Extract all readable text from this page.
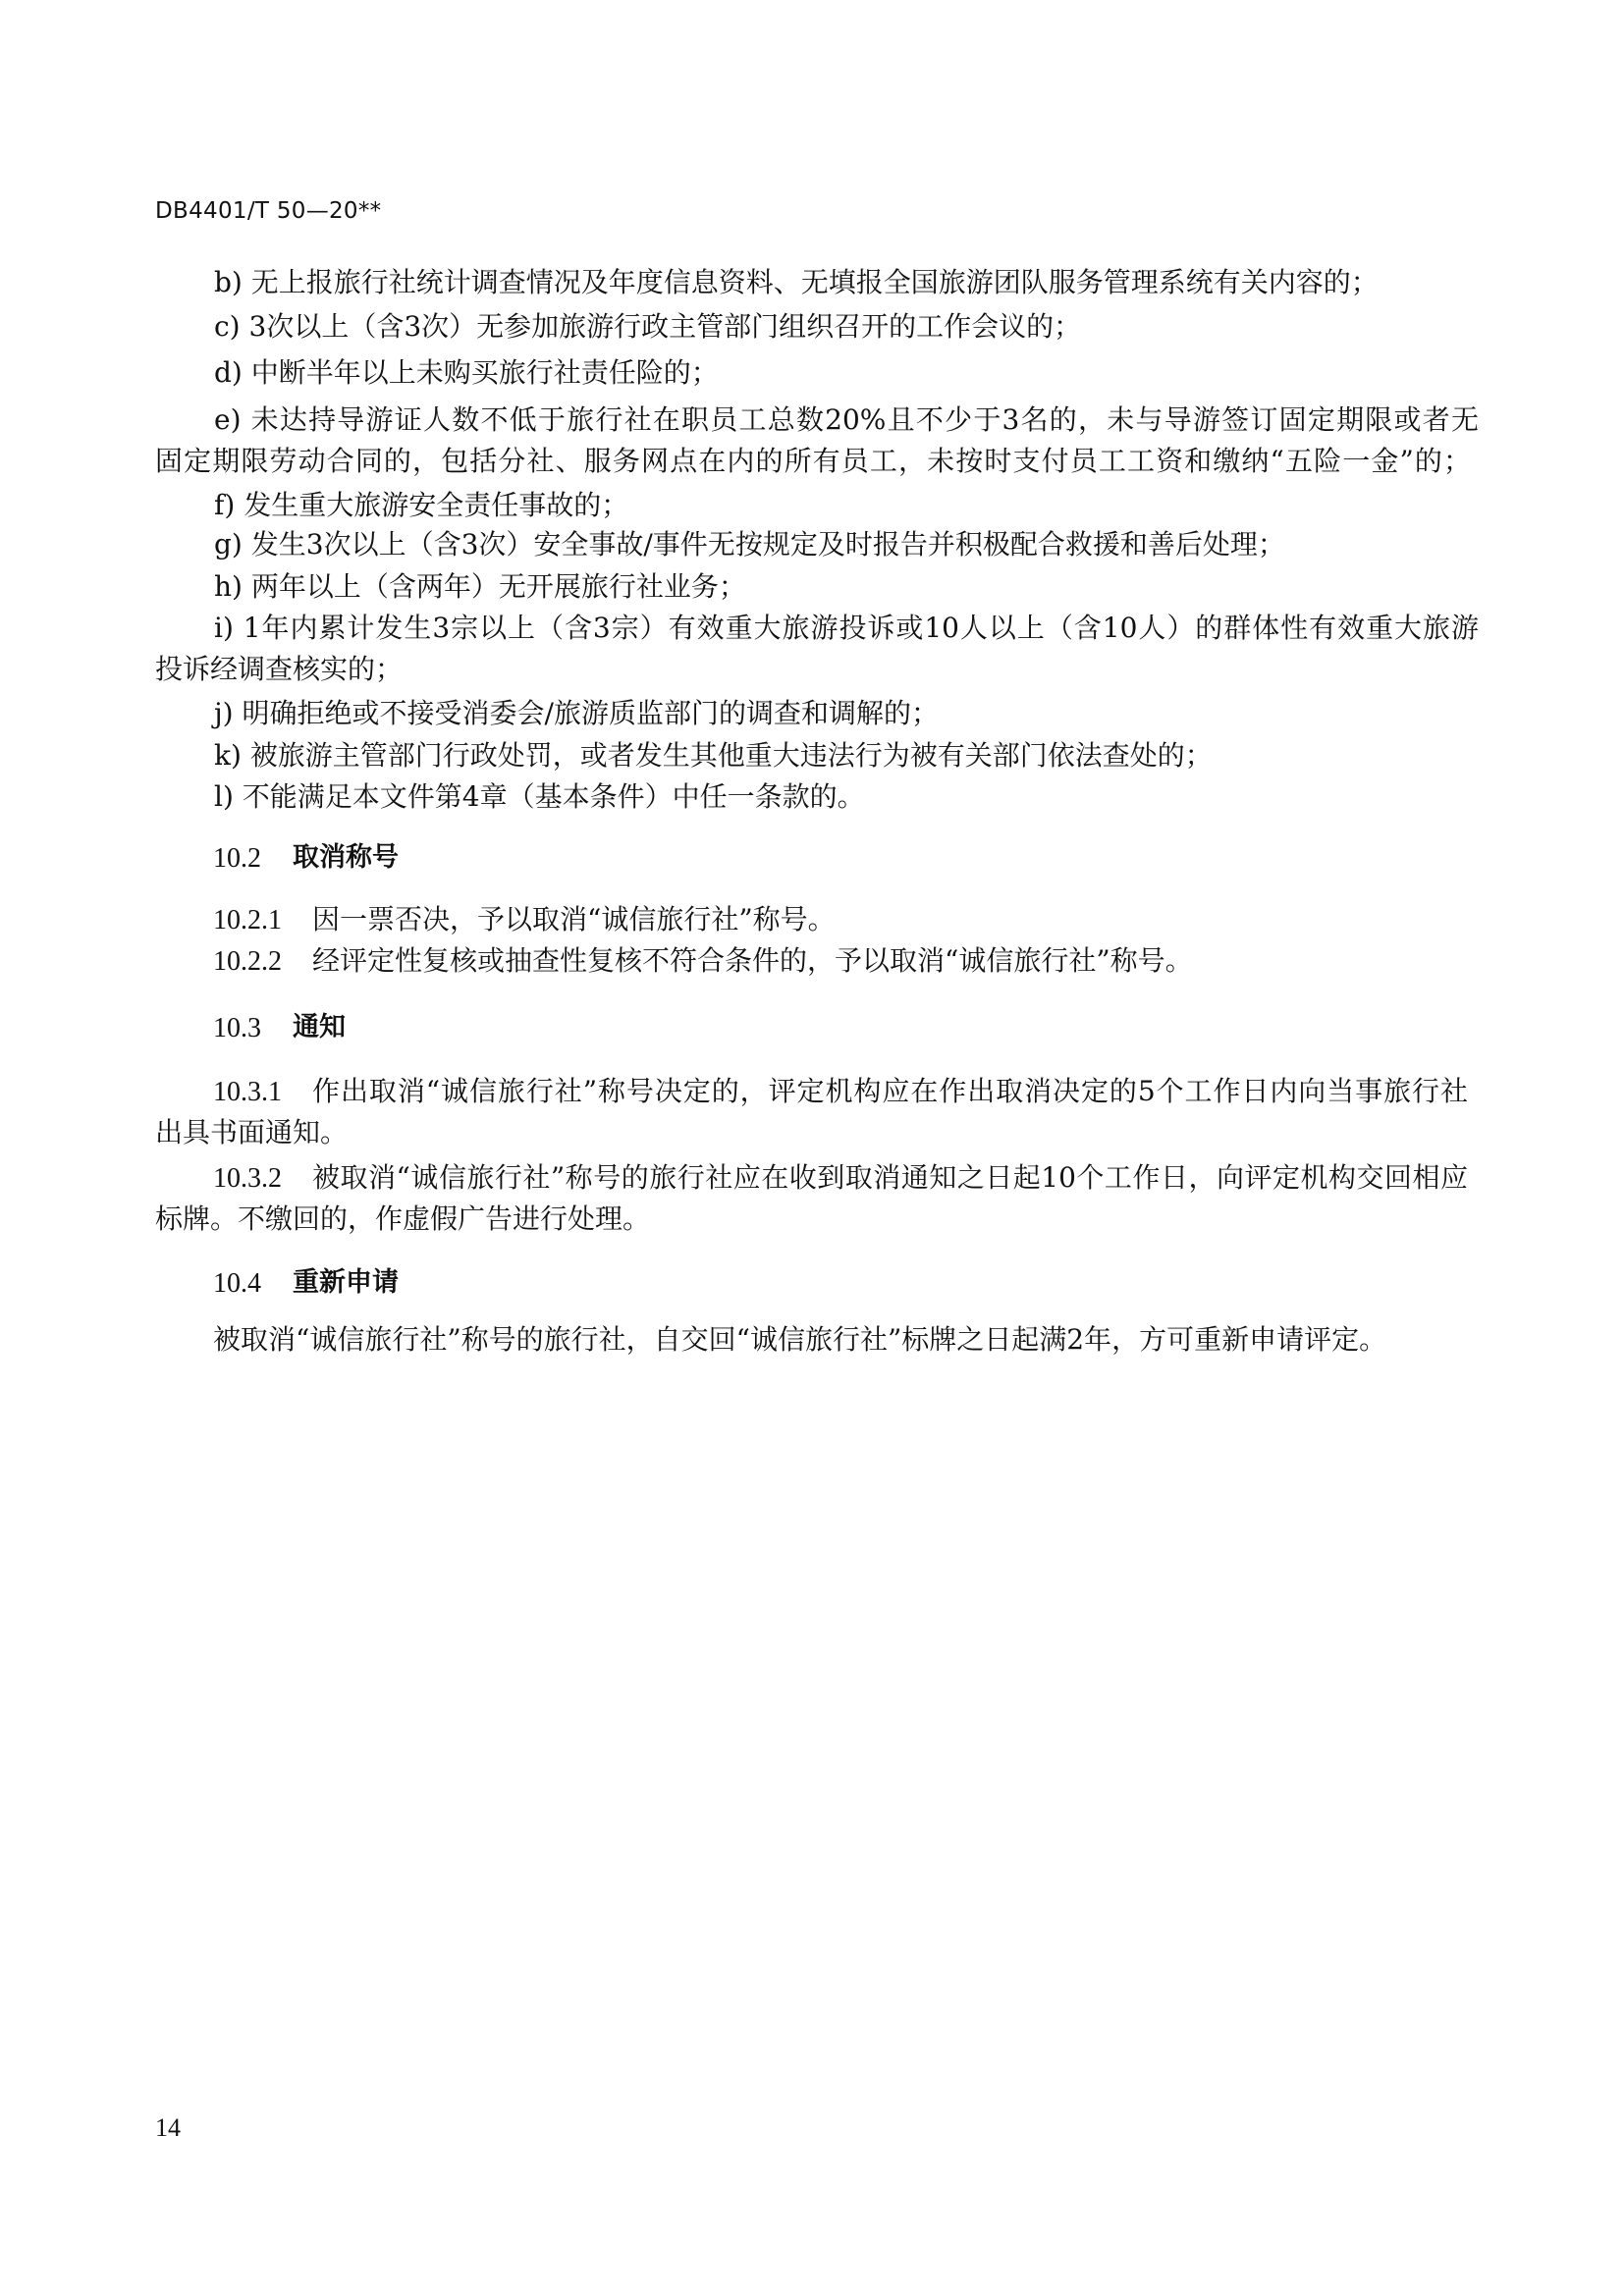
DB4401/T 50—20**
b) 无上报旅行社统计调查情况及年度信息资料、无填报全国旅游团队服务管理系统有关内容的；
c) 3次以上（含3次）无参加旅游行政主管部门组织召开的工作会议的；
d) 中断半年以上未购买旅行社责任险的；
e) 未达持导游证人数不低于旅行社在职员工总数20%且不少于3名的，未与导游签订固定期限或者无
固定期限劳动合同的，包括分社、服务网点在内的所有员工，未按时支付员工工资和缴纳“五险一金”的；
f) 发生重大旅游安全责任事故的；
g) 发生3次以上（含3次）安全事故/事件无按规定及时报告并积极配合救援和善后处理；
h) 两年以上（含两年）无开展旅行社业务；
i) 1年内累计发生3宗以上（含3宗）有效重大旅游投诉或10人以上（含10人）的群体性有效重大旅游
投诉经调查核实的；
j) 明确拒绝或不接受消委会/旅游质监部门的调查和调解的；
k) 被旅游主管部门行政处罚，或者发生其他重大违法行为被有关部门依法查处的；
l) 不能满足本文件第4章（基本条件）中任一条款的。
10.2 取消称号
10.2.1 因一票否决，予以取消“诚信旅行社”称号。
10.2.2 经评定性复核或抽查性复核不符合条件的，予以取消“诚信旅行社”称号。
10.3 通知
10.3.1 作出取消“诚信旅行社”称号决定的，评定机构应在作出取消决定的5个工作日内向当事旅行社
出具书面通知。
10.3.2 被取消“诚信旅行社”称号的旅行社应在收到取消通知之日起10个工作日，向评定机构交回相应
标牌。不缴回的，作虚假广告进行处理。
10.4 重新申请
被取消“诚信旅行社”称号的旅行社，自交回“诚信旅行社”标牌之日起满2年，方可重新申请评定。
14
